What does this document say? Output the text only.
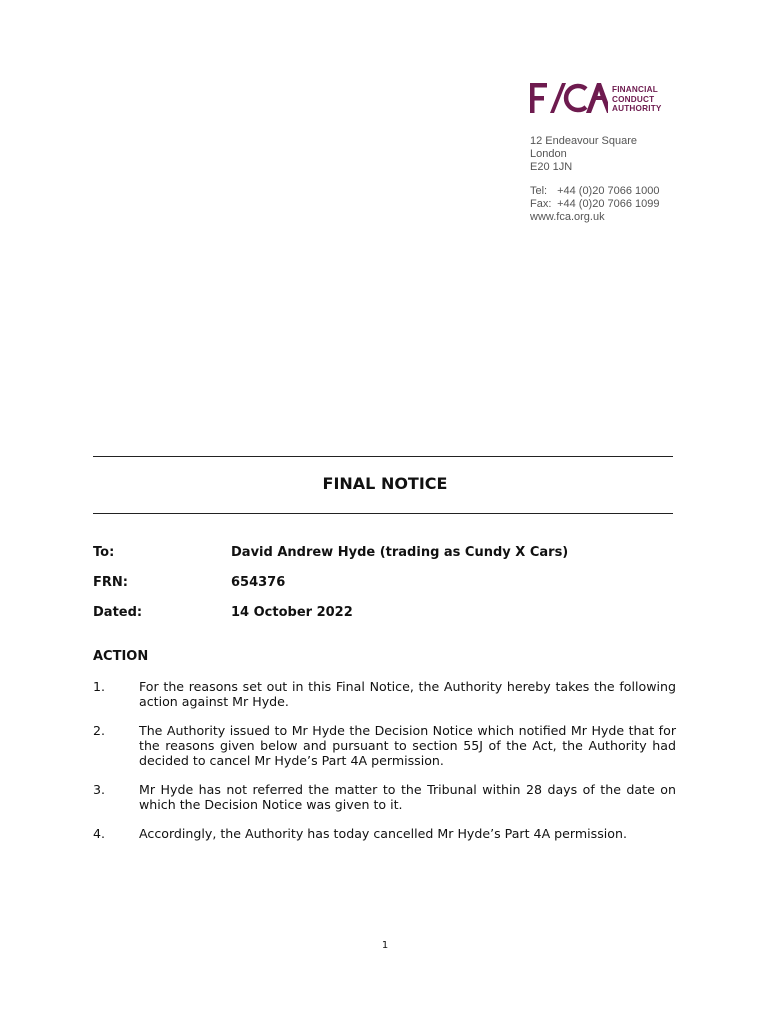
FINANCIAL
CONDUCT
AUTHORITY
12 Endeavour Square
London
E20 1JN
Tel: +44 (0)20 7066 1000
Fax: +44 (0)20 7066 1099
www.fca.org.uk
FINAL NOTICE
To:	David Andrew Hyde (trading as Cundy X Cars)
FRN:	654376
Dated:	14 October 2022
ACTION
1.	For the reasons set out in this Final Notice, the Authority hereby takes the following action against Mr Hyde.
2.	The Authority issued to Mr Hyde the Decision Notice which notified Mr Hyde that for the reasons given below and pursuant to section 55J of the Act, the Authority had decided to cancel Mr Hyde’s Part 4A permission.
3.	Mr Hyde has not referred the matter to the Tribunal within 28 days of the date on which the Decision Notice was given to it.
4.	Accordingly, the Authority has today cancelled Mr Hyde’s Part 4A permission.
1
